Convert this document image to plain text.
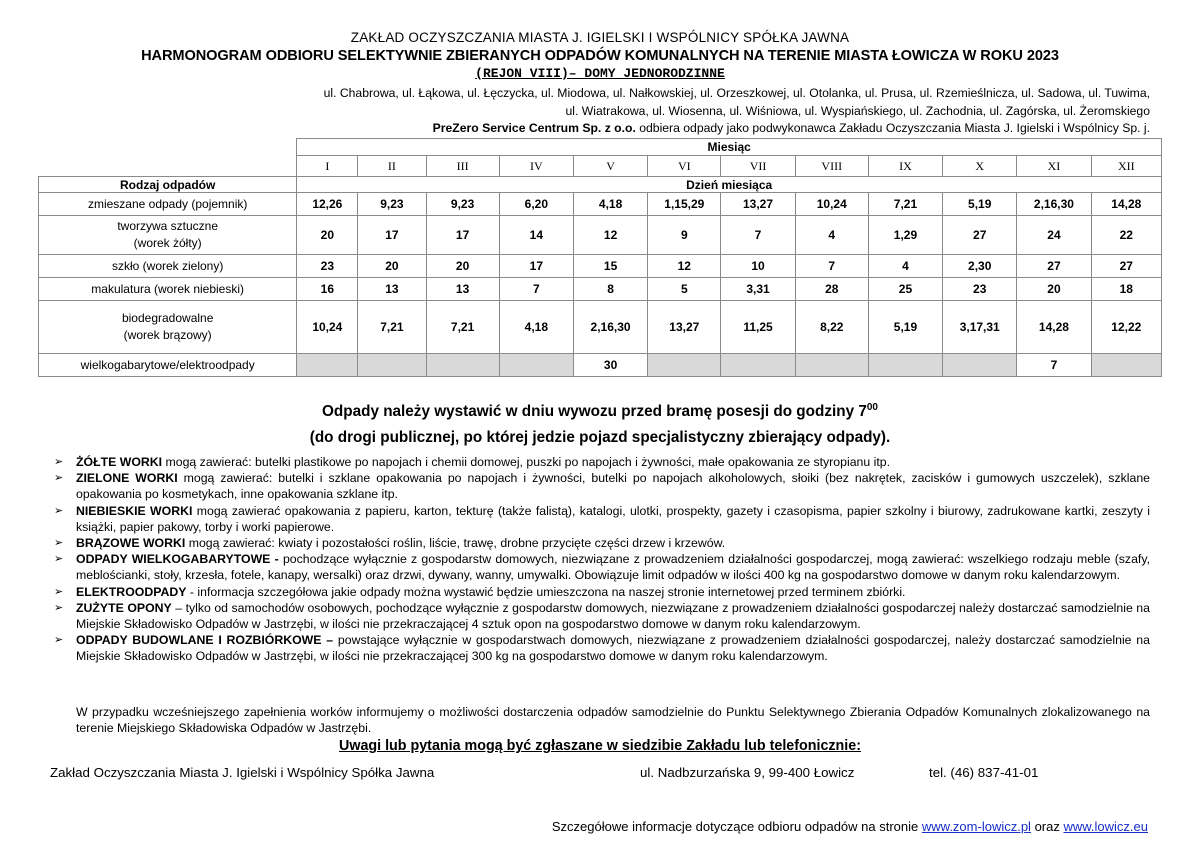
ZAKŁAD OCZYSZCZANIA MIASTA J. IGIELSKI I WSPÓLNICY SPÓŁKA JAWNA
HARMONOGRAM ODBIORU SELEKTYWNIE ZBIERANYCH ODPADÓW KOMUNALNYCH NA TERENIE MIASTA ŁOWICZA W ROKU 2023
(REJON VIII)– DOMY JEDNORODZINNE
ul. Chabrowa, ul. Łąkowa, ul. Łęczycka, ul. Miodowa, ul. Nałkowskiej, ul. Orzeszkowej, ul. Otolanka, ul. Prusa, ul. Rzemieślnicza, ul. Sadowa, ul. Tuwima,
ul. Wiatrakowa, ul. Wiosenna, ul. Wiśniowa, ul. Wyspiańskiego, ul. Zachodnia, ul. Zagórska, ul. Żeromskiego
PreZero Service Centrum Sp. z o.o. odbiera odpady jako podwykonawca Zakładu Oczyszczania Miasta J. Igielski i Wspólnicy Sp. j.
	Miesiąc											
	I	II	III	IV	V	VI	VII	VIII	IX	X	XI	XII
Rodzaj odpadów	Dzień miesiąca											

zmieszane odpady (pojemnik)	12,26	9,23	9,23	6,20	4,18	1,15,29	13,27	10,24	7,21	5,19	2,16,30	14,28

tworzywa sztuczne
(worek żółty)	20	17	17	14	12	9	7	4	1,29	27	24	22

szkło (worek zielony)	23	20	20	17	15	12	10	7	4	2,30	27	27

makulatura (worek niebieski)	16	13	13	7	8	5	3,31	28	25	23	20	18

biodegradowalne
(worek brązowy)	10,24	7,21	7,21	4,18	2,16,30	13,27	11,25	8,22	5,19	3,17,31	14,28	12,22

wielkogabarytowe/elektroodpady					30						7	
Odpady należy wystawić w dniu wywozu przed bramę posesji do godziny $7^{00}$
(do drogi publicznej, po której jedzie pojazd specjalistyczny zbierający odpady).
➢ ŻÓŁTE WORKI mogą zawierać: butelki plastikowe po napojach i chemii domowej, puszki po napojach i żywności, małe opakowania ze styropianu itp.
➢ ZIELONE WORKI mogą zawierać: butelki i szklane opakowania po napojach i żywności, butelki po napojach alkoholowych, słoiki (bez nakrętek, zacisków i gumowych uszczelek), szklane opakowania po kosmetykach, inne opakowania szklane itp.
➢ NIEBIESKIE WORKI mogą zawierać opakowania z papieru, karton, tekturę (także falistą), katalogi, ulotki, prospekty, gazety i czasopisma, papier szkolny i biurowy, zadrukowane kartki, zeszyty i książki, papier pakowy, torby i worki papierowe.
➢ BRĄZOWE WORKI mogą zawierać: kwiaty i pozostałości roślin, liście, trawę, drobne przycięte części drzew i krzewów.
➢ ODPADY WIELKOGABARYTOWE - pochodzące wyłącznie z gospodarstw domowych, niezwiązane z prowadzeniem działalności gospodarczej, mogą zawierać: wszelkiego rodzaju meble (szafy, meblościanki, stoły, krzesła, fotele, kanapy, wersalki) oraz drzwi, dywany, wanny, umywalki. Obowiązuje limit odpadów w ilości 400 kg na gospodarstwo domowe w danym roku kalendarzowym.
➢ ELEKTROODPADY - informacja szczegółowa jakie odpady można wystawić będzie umieszczona na naszej stronie internetowej przed terminem zbiórki.
➢ ZUŻYTE OPONY – tylko od samochodów osobowych, pochodzące wyłącznie z gospodarstw domowych, niezwiązane z prowadzeniem działalności gospodarczej należy dostarczać samodzielnie na Miejskie Składowisko Odpadów w Jastrzębi, w ilości nie przekraczającej 4 sztuk opon na gospodarstwo domowe w danym roku kalendarzowym.
➢ ODPADY BUDOWLANE I ROZBIÓRKOWE – powstające wyłącznie w gospodarstwach domowych, niezwiązane z prowadzeniem działalności gospodarczej, należy dostarczać samodzielnie na Miejskie Składowisko Odpadów w Jastrzębi, w ilości nie przekraczającej 300 kg na gospodarstwo domowe w danym roku kalendarzowym.
W przypadku wcześniejszego zapełnienia worków informujemy o możliwości dostarczenia odpadów samodzielnie do Punktu Selektywnego Zbierania Odpadów Komunalnych zlokalizowanego na terenie Miejskiego Składowiska Odpadów w Jastrzębi.
Uwagi lub pytania mogą być zgłaszane w siedzibie Zakładu lub telefonicznie:
Zakład Oczyszczania Miasta J. Igielski i Wspólnicy Spółka Jawna	ul. Nadbzurzańska 9, 99-400 Łowicz	tel. (46) 837-41-01
Szczegółowe informacje dotyczące odbioru odpadów na stronie www.zom-lowicz.pl oraz www.lowicz.eu
